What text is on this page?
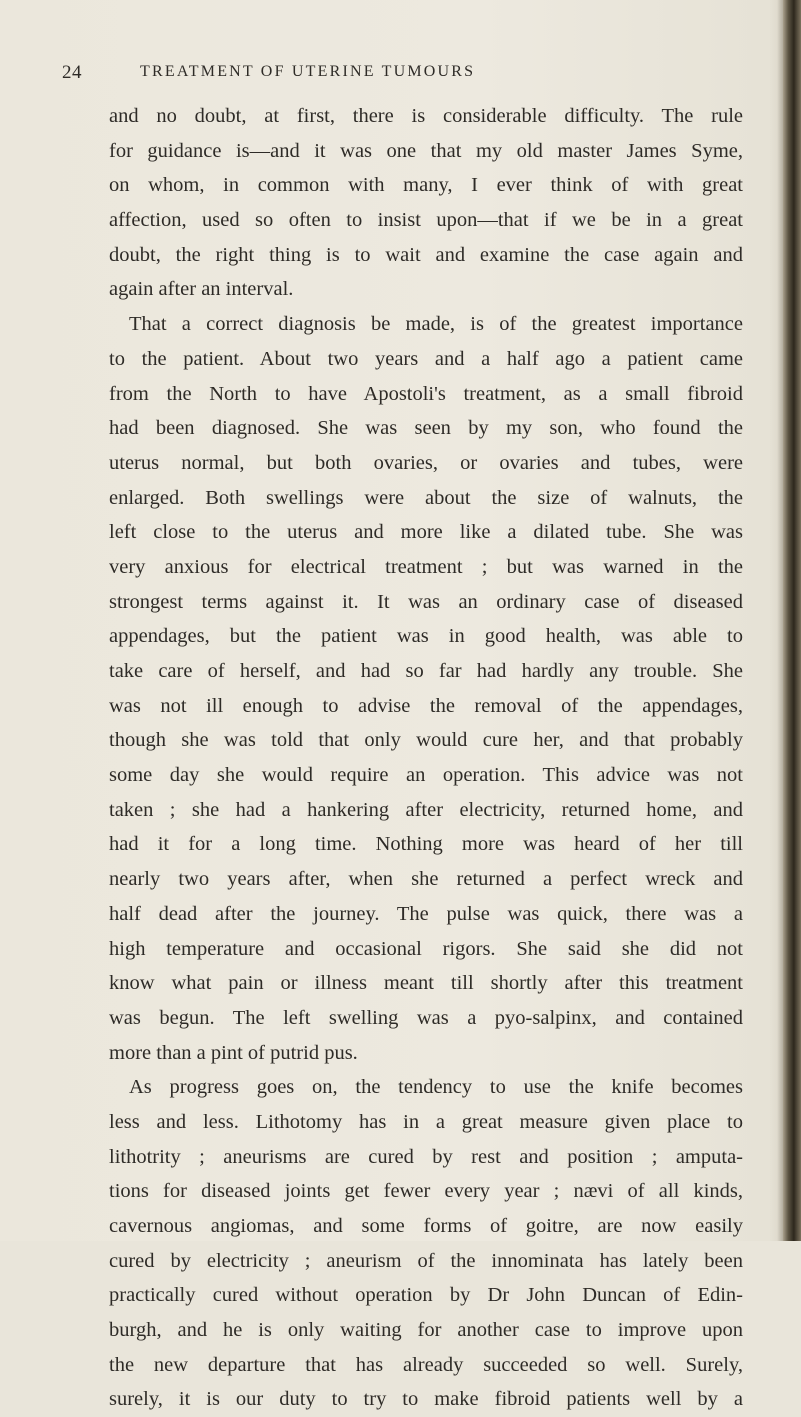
24	TREATMENT OF UTERINE TUMOURS
and no doubt, at first, there is considerable difficulty. The rule
for guidance is—and it was one that my old master James Syme,
on whom, in common with many, I ever think of with great
affection, used so often to insist upon—that if we be in a great
doubt, the right thing is to wait and examine the case again and
again after an interval.
That a correct diagnosis be made, is of the greatest importance
to the patient. About two years and a half ago a patient came
from the North to have Apostoli's treatment, as a small fibroid
had been diagnosed. She was seen by my son, who found the
uterus normal, but both ovaries, or ovaries and tubes, were
enlarged. Both swellings were about the size of walnuts, the
left close to the uterus and more like a dilated tube. She was
very anxious for electrical treatment ; but was warned in the
strongest terms against it. It was an ordinary case of diseased
appendages, but the patient was in good health, was able to
take care of herself, and had so far had hardly any trouble. She
was not ill enough to advise the removal of the appendages,
though she was told that only would cure her, and that probably
some day she would require an operation. This advice was not
taken ; she had a hankering after electricity, returned home, and
had it for a long time. Nothing more was heard of her till
nearly two years after, when she returned a perfect wreck and
half dead after the journey. The pulse was quick, there was a
high temperature and occasional rigors. She said she did not
know what pain or illness meant till shortly after this treatment
was begun. The left swelling was a pyo-salpinx, and contained
more than a pint of putrid pus.
As progress goes on, the tendency to use the knife becomes
less and less. Lithotomy has in a great measure given place to
lithotrity ; aneurisms are cured by rest and position ; amputa-
tions for diseased joints get fewer every year ; nævi of all kinds,
cavernous angiomas, and some forms of goitre, are now easily
cured by electricity ; aneurism of the innominata has lately been
practically cured without operation by Dr John Duncan of Edin-
burgh, and he is only waiting for another case to improve upon
the new departure that has already succeeded so well. Surely,
surely, it is our duty to try to make fibroid patients well by a
